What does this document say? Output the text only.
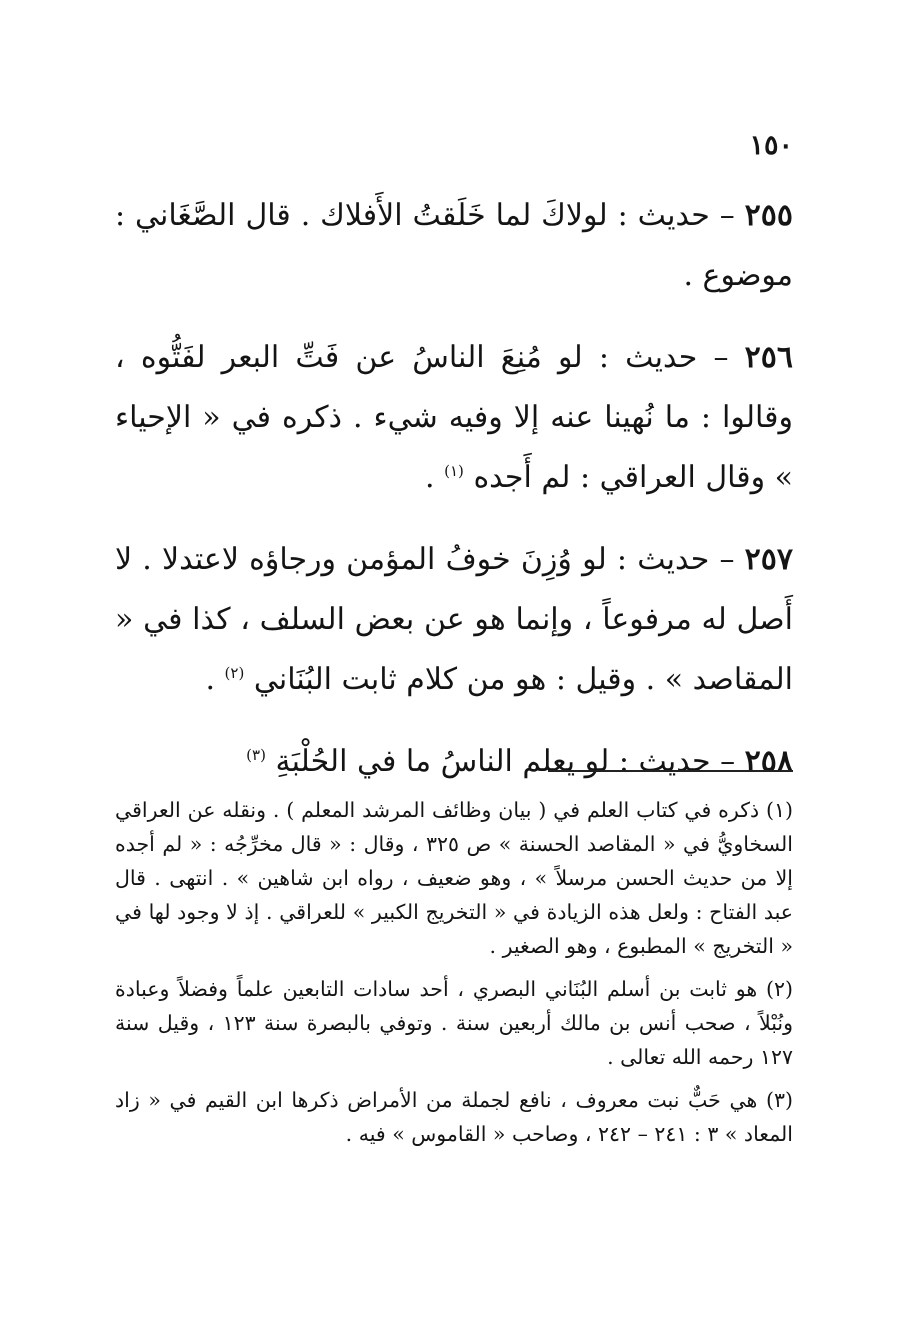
١٥٠

٢٥٥ – حديث : لولاكَ لما خَلَقتُ الأَفلاك . قال الصَّغَاني : موضوع .

٢٥٦ – حديث : لو مُنِعَ الناسُ عن فَتِّ البعر لفَتُّوه ، وقالوا : ما نُهينا عنه إلا وفيه شيء . ذكره في « الإحياء » وقال العراقي : لم أَجده $^{(١)}$ .

٢٥٧ – حديث : لو وُزِنَ خوفُ المؤمن ورجاؤه لاعتدلا . لا أَصل له مرفوعاً ، وإنما هو عن بعض السلف ، كذا في « المقاصد » . وقيل : هو من كلام ثابت البُنَاني $^{(٢)}$ .

٢٥٨ – حديث : لو يعلم الناسُ ما في الحُلْبَةِ $^{(٣)}$

(١) ذكره في كتاب العلم في ( بيان وظائف المرشد المعلم ) . ونقله عن العراقي السخاويُّ في « المقاصد الحسنة » ص ٣٢٥ ، وقال : « قال مخرِّجُه : « لم أجده إلا من حديث الحسن مرسلاً » ، وهو ضعيف ، رواه ابن شاهين » . انتهى . قال عبد الفتاح : ولعل هذه الزيادة في « التخريج الكبير » للعراقي . إذ لا وجود لها في « التخريج » المطبوع ، وهو الصغير .

(٢) هو ثابت بن أسلم البُنَاني البصري ، أحد سادات التابعين علماً وفضلاً وعبادة ونُبْلاً ، صحب أنس بن مالك أربعين سنة . وتوفي بالبصرة سنة ١٢٣ ، وقيل سنة ١٢٧ رحمه الله تعالى .

(٣) هي حَبٌّ نبت معروف ، نافع لجملة من الأمراض ذكرها ابن القيم في « زاد المعاد » ٣ : ٢٤١ – ٢٤٢ ، وصاحب « القاموس » فيه .
